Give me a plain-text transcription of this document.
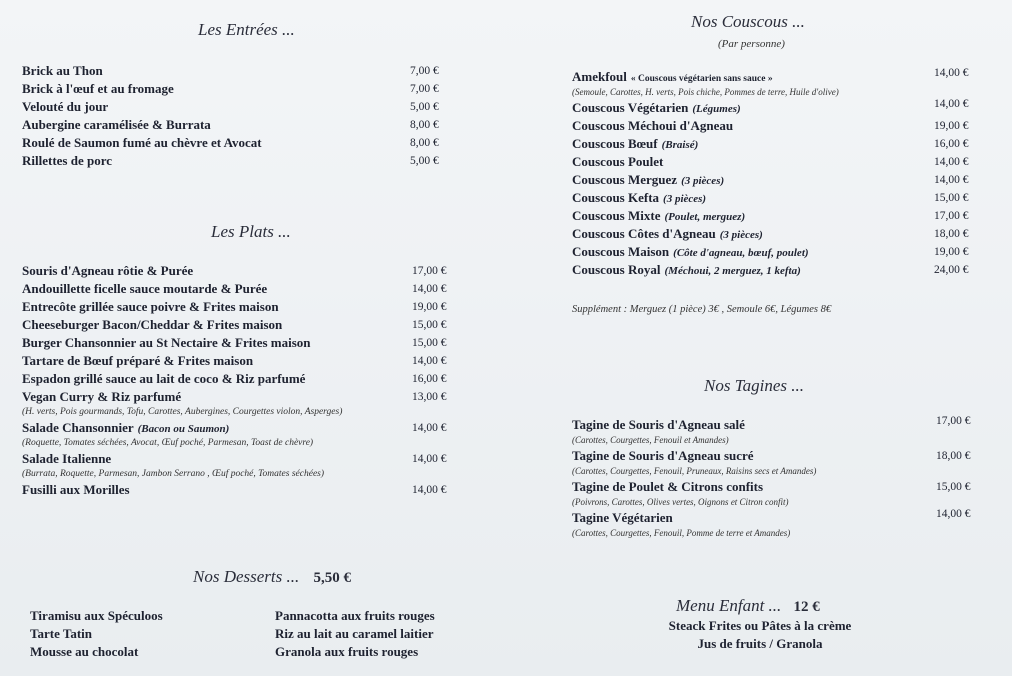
Les Entrées ...
Brick au Thon	7,00 €
Brick à l'œuf et au fromage	7,00 €
Velouté du jour	5,00 €
Aubergine caramélisée & Burrata	8,00 €
Roulé de Saumon fumé au chèvre et Avocat	8,00 €
Rillettes de porc	5,00 €
Les Plats ...
Souris d'Agneau rôtie & Purée	17,00 €
Andouillette ficelle sauce moutarde & Purée	14,00 €
Entrecôte grillée sauce poivre & Frites maison	19,00 €
Cheeseburger Bacon/Cheddar & Frites maison	15,00 €
Burger Chansonnier au St Nectaire & Frites maison	15,00 €
Tartare de Bœuf préparé & Frites maison	14,00 €
Espadon grillé sauce au lait de coco & Riz parfumé	16,00 €
Vegan Curry & Riz parfumé	13,00 €
(H. verts, Pois gourmands, Tofu, Carottes, Aubergines, Courgettes violon, Asperges)
Salade Chansonnier (Bacon ou Saumon)	14,00 €
(Roquette, Tomates séchées, Avocat, Œuf poché, Parmesan, Toast de chèvre)
Salade Italienne	14,00 €
(Burrata, Roquette, Parmesan, Jambon Serrano , Œuf poché, Tomates séchées)
Fusilli aux Morilles	14,00 €
Nos Desserts ... 5,50 €
Tiramisu aux Spéculoos
Tarte Tatin
Mousse au chocolat
Pannacotta aux fruits rouges
Riz au lait au caramel laitier
Granola aux fruits rouges
Nos Couscous ...
(Par personne)
Amekfoul « Couscous végétarien sans sauce »	14,00 €
(Semoule, Carottes, H. verts, Pois chiche, Pommes de terre, Huile d'olive)
Couscous Végétarien (Légumes)	14,00 €
Couscous Méchoui d'Agneau	19,00 €
Couscous Bœuf (Braisé)	16,00 €
Couscous Poulet	14,00 €
Couscous Merguez (3 pièces)	14,00 €
Couscous Kefta (3 pièces)	15,00 €
Couscous Mixte (Poulet, merguez)	17,00 €
Couscous Côtes d'Agneau (3 pièces)	18,00 €
Couscous Maison (Côte d'agneau, bœuf, poulet)	19,00 €
Couscous Royal (Méchoui, 2 merguez, 1 kefta)	24,00 €
Supplément : Merguez (1 pièce) 3€ , Semoule 6€, Légumes 8€
Nos Tagines ...
Tagine de Souris d'Agneau salé	17,00 €
(Carottes, Courgettes, Fenouil et Amandes)
Tagine de Souris d'Agneau sucré	18,00 €
(Carottes, Courgettes, Fenouil, Pruneaux, Raisins secs et Amandes)
Tagine de Poulet & Citrons confits	15,00 €
(Poivrons, Carottes, Olives vertes, Oignons et Citron confit)
Tagine Végétarien	14,00 €
(Carottes, Courgettes, Fenouil, Pomme de terre et Amandes)
Menu Enfant ... 12 €
Steack Frites ou Pâtes à la crème
Jus de fruits / Granola
